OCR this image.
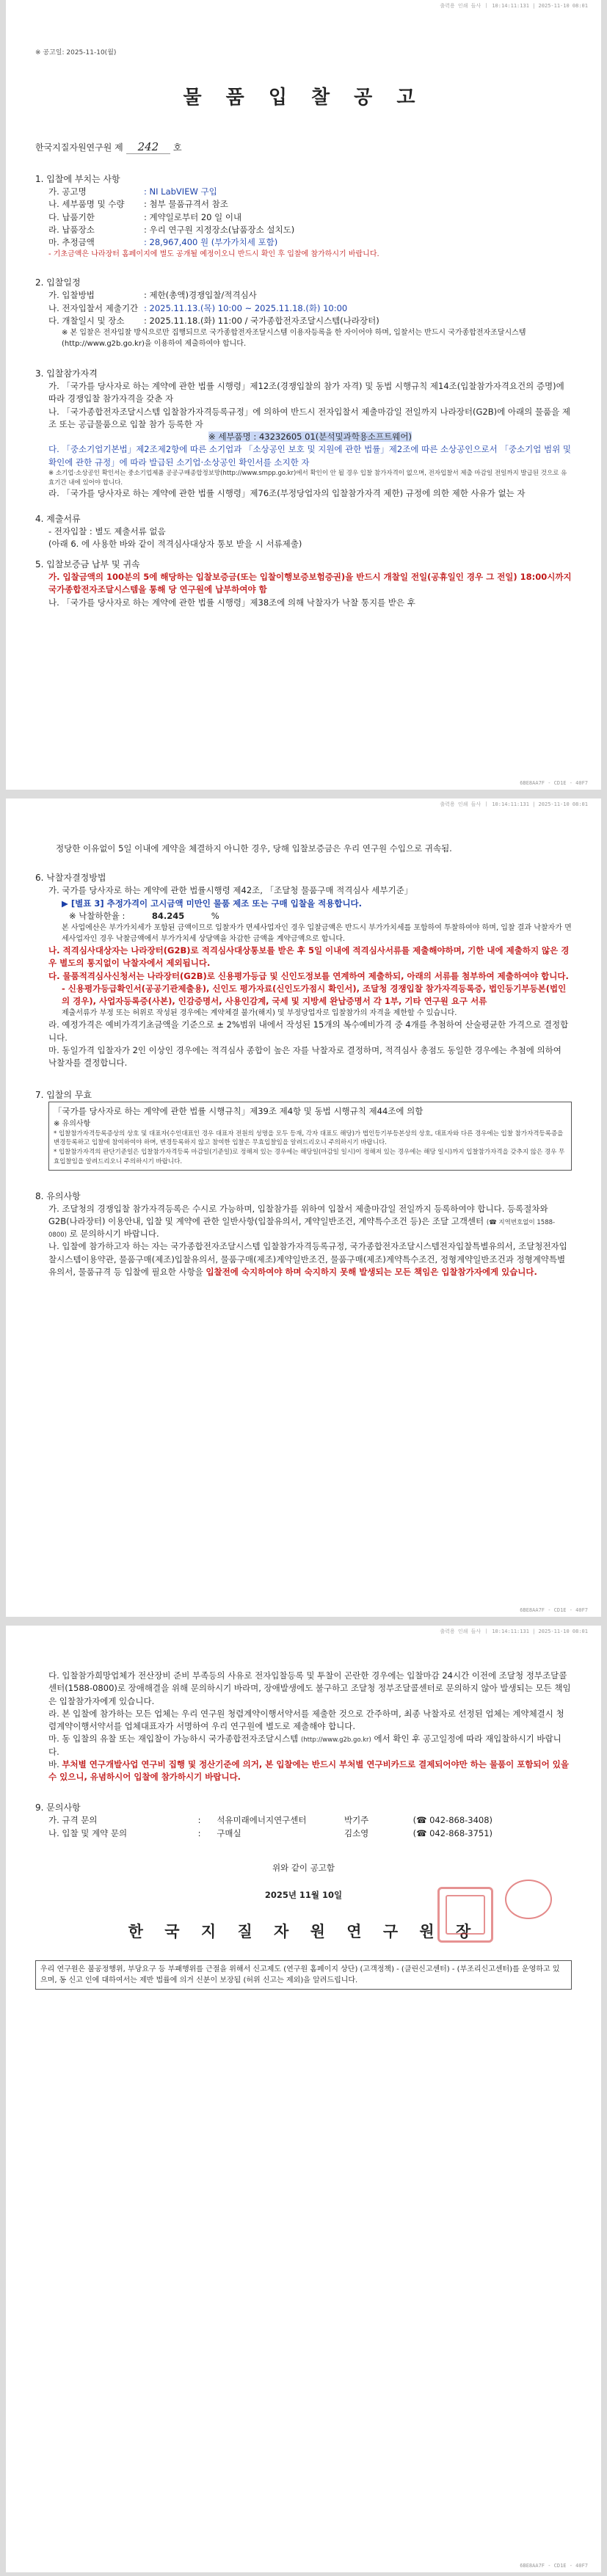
출력용 인쇄 들사 ㅣ 10:14:11:131 | 2025-11-10 08:01
※ 공고일: 2025-11-10(월)
물 품 입 찰 공 고
한국지질자원연구원 제 242 호
1. 입찰에 부치는 사항
가. 공고명	: NI LabVIEW 구입
나. 세부품명 및 수량 : 첨부 물품규격서 참조
다. 납품기한	: 계약일로부터 20 일 이내
라. 납품장소	: 우리 연구원 지정장소(납품장소 설치도)
마. 추정금액	: 28,967,400 원 (부가가치세 포함)
- 기초금액은 나라장터 홈페이지에 별도 공개될 예정이오니 반드시 확인 후 입찰에 참가하시기 바랍니다.
2. 입찰일정
가. 입찰방법	: 제한(총액)경쟁입찰/적격심사
나. 전자입찰서 제출기간 : 2025.11.13.(목) 10:00 ~ 2025.11.18.(화) 10:00
다. 개찰일시 및 장소 : 2025.11.18.(화) 11:00 / 국가종합전자조달시스템(나라장터)
※ 본 입찰은 전자입찰 방식으로만 집행되므로 국가종합전자조달시스템 이용자등록을 한 자이어야 하며, 입찰서는 반드시 국가종합전자조달시스템(http://www.g2b.go.kr)을 이용하여 제출하여야 합니다.
3. 입찰참가자격
가. 「국가를 당사자로 하는 계약에 관한 법률 시행령」제12조(경쟁입찰의 참가 자격) 및 동법 시행규칙 제14조(입찰참가자격요건의 증명)에 따라 경쟁입찰 참가자격을 갖춘 자
나. 「국가종합전자조달시스템 입찰참가자격등록규정」에 의하여 반드시 전자입찰서 제출마감일 전일까지 나라장터(G2B)에 아래의 물품을 제조 또는 공급물품으로 입찰 참가 등록한 자
※ 세부품명 : 43232605 01(분석및과학용소프트웨어)
다. 「중소기업기본법」제2조제2항에 따른 소기업과 「소상공인 보호 및 지원에 관한 법률」제2조에 따른 소상공인으로서 「중소기업 범위 및 확인에 관한 규정」에 따라 발급된 소기업·소상공인 확인서를 소지한 자
※ 소기업·소상공인 확인서는 중소기업제품 공공구매종합정보망(http://www.smpp.go.kr)에서 확인이 안 될 경우 입찰 참가자격이 없으며, 전자입찰서 제출 마감일 전일까지 발급된 것으로 유효기간 내에 있어야 합니다.
라. 「국가를 당사자로 하는 계약에 관한 법률 시행령」제76조(부정당업자의 입찰참가자격 제한) 규정에 의한 제한 사유가 없는 자
4. 제출서류
- 전자입찰 : 별도 제출서류 없음
(아래 6. 에 사용한 바와 같이 적격심사대상자 통보 받을 시 서류제출)
5. 입찰보증금 납부 및 귀속
가. 입찰금액의 100분의 5에 해당하는 입찰보증금(또는 입찰이행보증보험증권)을 반드시 개찰일 전일(공휴일인 경우 그 전일) 18:00시까지 국가종합전자조달시스템을 통해 당 연구원에 납부하여야 함
나. 「국가를 당사자로 하는 계약에 관한 법률 시행령」제38조에 의해 낙찰자가 낙찰 통지를 받은 후
6BE8AA7F - CD1E - 40F7
출력용 인쇄 들사 ㅣ 10:14:11:131 | 2025-11-10 08:01
정당한 이유없이 5일 이내에 계약을 체결하지 아니한 경우, 당해 입찰보증금은 우리 연구원 수입으로 귀속됨.
6. 낙찰자결정방법
가. 국가를 당사자로 하는 계약에 관한 법률시행령 제42조, 「조달청 물품구매 적격심사 세부기준」
▶ [별표 3] 추정가격이 고시금액 미만인 물품 제조 또는 구매 입찰을 적용합니다.
※ 낙찰하한율 :	84.245	%
본 사업에산은 부가가치세가 포함된 금액이므로 입찰자가 면세사업자인 경우 입찰금액은 반드시 부가가치세를 포함하여 투찰하여야 하며, 입찰 결과 낙찰자가 면세사업자인 경우 낙찰금액에서 부가가치세 상당액을 차감한 금액을 계약금액으로 합니다.
나. 적격심사대상자는 나라장터(G2B)로 적격심사대상통보를 받은 후 5일 이내에 적격심사서류를 제출해야하며, 기한 내에 제출하지 않은 경우 별도의 통지없이 낙찰자에서 제외됩니다.
다. 물품적격심사신청서는 나라장터(G2B)로 신용평가등급 및 신인도정보를 연계하여 제출하되, 아래의 서류를 첨부하여 제출하여야 합니다.
- 신용평가등급확인서(공공기관제출용), 신인도 평가자료(신인도가점시 확인서), 조달청 경쟁입찰 참가자격등록증, 법인등기부등본(법인의 경우), 사업자등록증(사본), 인감증명서, 사용인감계, 국세 및 지방세 완납증명서 각 1부, 기타 연구원 요구 서류
제출서류가 부정 또는 허위로 작성된 경우에는 계약체결 불가(해지) 및 부정당업자로 입찰참가의 자격을 제한할 수 있습니다.
라. 예정가격은 예비가격기초금액을 기준으로 ± 2%범위 내에서 작성된 15개의 복수예비가격 중 4개를 추첨하여 산술평균한 가격으로 결정합니다.
마. 동일가격 입찰자가 2인 이상인 경우에는 적격심사 종합이 높은 자를 낙찰자로 결정하며, 적격심사 총점도 동일한 경우에는 추첨에 의하여 낙찰자를 결정합니다.
7. 입찰의 무효
「국가를 당사자로 하는 계약에 관한 법률 시행규칙」제39조 제4항 및 동법 시행규칙 제44조에 의함
※ 유의사항
* 입찰참가자격등록증상의 상호 및 대표자(수인대표인 경우 대표자 전원의 성명을 모두 등재, 각자 대표도 해당)가 법인등기부등본상의 상호, 대표자와 다른 경우에는 입찰 참가자격등록증을 변경등록하고 입찰에 참여하여야 하며, 변경등록하지 않고 참여한 입찰은 무효입찰임을 알려드리오니 주의하시기 바랍니다.
* 입찰참가자격의 판단기준일은 입찰참가자격등록 마감일(기준일)로 정해져 있는 경우에는 해당일(마감일 일시)이 정해져 있는 경우에는 해당 일시)까지 입찰참가자격을 갖추지 않은 경우 무효입찰임을 알려드리오니 주의하시기 바랍니다.
8. 유의사항
가. 조달청의 경쟁입찰 참가자격등록은 수시로 가능하며, 입찰참가를 위하여 입찰서 제출마감일 전일까지 등록하여야 합니다. 등록절차와 G2B(나라장터) 이용안내, 입찰 및 계약에 관한 일반사항(입찰유의서, 계약일반조건, 계약특수조건 등)은 조달 고객센터 (☎ 지역번호없이 1588-0800) 로 문의하시기 바랍니다.
나. 입찰에 참가하고자 하는 자는 국가종합전자조달시스템 입찰참가자격등록규정, 국가종합전자조달시스템전자입찰특별유의서, 조달청전자입찰시스템이용약관, 물품구매(제조)입찰유의서, 물품구매(제조)계약일반조건, 물품구매(제조)계약특수조건, 정형계약일반조건과 정형계약특별유의서, 물품규격 등 입찰에 필요한 사항을 입찰전에 숙지하여야 하며 숙지하지 못해 발생되는 모든 책임은 입찰참가자에게 있습니다.
6BE8AA7F - CD1E - 40F7
출력용 인쇄 들사 ㅣ 10:14:11:131 | 2025-11-10 08:01
다. 입찰참가희망업체가 전산장비 준비 부족등의 사유로 전자입찰등록 및 투찰이 곤란한 경우에는 입찰마감 24시간 이전에 조달청 정부조달콜센터(1588-0800)로 장애해결을 위해 문의하시기 바라며, 장애발생에도 불구하고 조달청 정부조달콜센터로 문의하지 않아 발생되는 모든 책임은 입찰참가자에게 있습니다.
라. 본 입찰에 참가하는 모든 업체는 우리 연구원 청렴계약이행서약서를 제출한 것으로 간주하며, 최종 낙찰자로 선정된 업체는 계약체결시 청렴계약이행서약서를 업체대표자가 서명하여 우리 연구원에 별도로 제출해야 합니다.
마. 동 입찰의 유찰 또는 재입찰이 가능하시 국가종합전자조달시스템 (http://www.g2b.go.kr) 에서 확인 후 공고일정에 따라 재입찰하시기 바랍니다.
바. 부처별 연구개발사업 연구비 집행 및 정산기준에 의거, 본 입찰에는 반드시 부처별 연구비카드로 결제되어야만 하는 물품이 포함되어 있을 수 있으니, 유념하시어 입찰에 참가하시기 바랍니다.
9. 문의사항
가. 규격 문의	: 석유미래에너지연구센터	박기주	(☎ 042-868-3408)
나. 입찰 및 계약 문의	: 구매실	김소영	(☎ 042-868-3751)
위와 같이 공고함
2025년 11월 10일
한 국 지 질 자 원 연 구 원 장
우리 연구원은 불공정행위, 부당요구 등 부패행위를 근절을 위해서 신고제도 (연구원 홈페이지 상단) (고객정책) - (클린신고센터) - (부조리신고센터)를 운영하고 있으며, 동 신고 인에 대하여서는 제반 법률에 의거 신분이 보장됨 (허위 신고는 제외)을 알려드립니다.
6BE8AA7F - CD1E - 40F7
